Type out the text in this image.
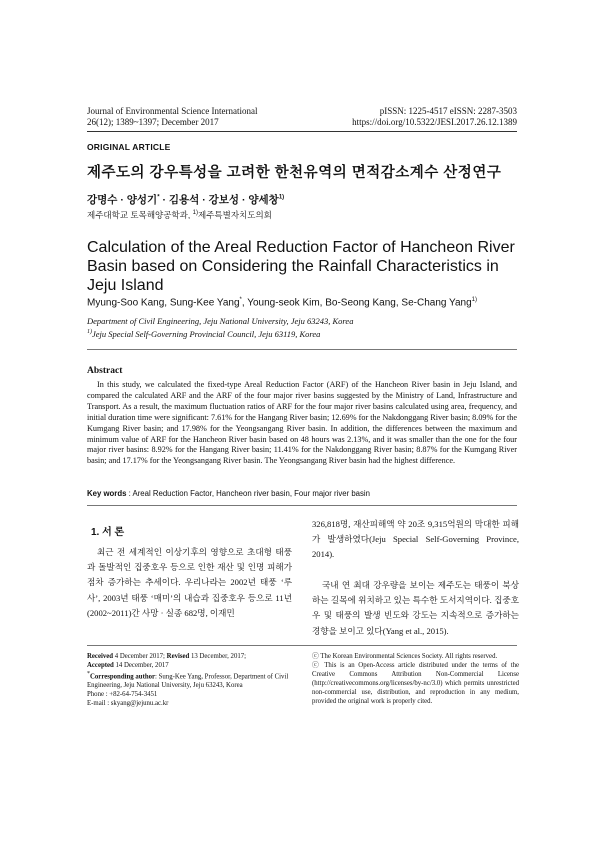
Journal of Environmental Science International
26(12); 1389~1397; December 2017
pISSN: 1225-4517 eISSN: 2287-3503
https://doi.org/10.5322/JESI.2017.26.12.1389
ORIGINAL ARTICLE
제주도의 강우특성을 고려한 한천유역의 면적감소계수 산정연구
강명수 · 양성기* · 김용석 · 강보성 · 양세창$^{1)}$
제주대학교 토목해양공학과, $^{1)}$제주특별자치도의회
Calculation of the Areal Reduction Factor of Hancheon River Basin based on Considering the Rainfall Characteristics in Jeju Island
Myung-Soo Kang, Sung-Kee Yang*, Young-seok Kim, Bo-Seong Kang, Se-Chang Yang$^{1)}$
Department of Civil Engineering, Jeju National University, Jeju 63243, Korea
$^{1)}$Jeju Special Self-Governing Provincial Council, Jeju 63119, Korea
Abstract
In this study, we calculated the fixed-type Areal Reduction Factor (ARF) of the Hancheon River basin in Jeju Island, and compared the calculated ARF and the ARF of the four major river basins suggested by the Ministry of Land, Infrastructure and Transport. As a result, the maximum fluctuation ratios of ARF for the four major river basins calculated using area, frequency, and initial duration time were significant: 7.61% for the Hangang River basin; 12.69% for the Nakdonggang River basin; 8.09% for the Kumgang River basin; and 17.98% for the Yeongsangang River basin. In addition, the differences between the maximum and minimum value of ARF for the Hancheon River basin based on 48 hours was 2.13%, and it was smaller than the one for the four major river basins: 8.92% for the Hangang River basin; 11.41% for the Nakdonggang River basin; 8.87% for the Kumgang River basin; and 17.17% for the Yeongsangang River basin. The Yeongsangang River basin had the highest difference.
Key words : Areal Reduction Factor, Hancheon river basin, Four major river basin
1. 서 론
최근 전 세계적인 이상기후의 영향으로 초대형 태풍과 돌발적인 집중호우 등으로 인한 재산 및 인명 피해가 점차 증가하는 추세이다. 우리나라는 2002년 태풍 ‘루사’, 2003년 태풍 ‘매미’의 내습과 집중호우 등으로 11년(2002~2011)간 사망 · 실종 682명, 이재민
326,818명, 재산피해액 약 20조 9,315억원의 막대한 피해가 발생하였다(Jeju Special Self-Governing Province, 2014).
국내 연 최대 강우량을 보이는 제주도는 태풍이 북상하는 길목에 위치하고 있는 특수한 도서지역이다. 집중호우 및 태풍의 발생 빈도와 강도는 지속적으로 증가하는 경향을 보이고 있다(Yang et al., 2015).
Received 4 December 2017; Revised 13 December, 2017;
Accepted 14 December, 2017
*Corresponding author: Sung-Kee Yang, Professor, Department of Civil Engineering, Jeju National University, Jeju 63243, Korea
Phone : +82-64-754-3451
E-mail : skyang@jejunu.ac.kr
ⓒ The Korean Environmental Sciences Society. All rights reserved.
ⓒ This is an Open-Access article distributed under the terms of the Creative Commons Attribution Non-Commercial License (http://creativecommons.org/licenses/by-nc/3.0) which permits unrestricted non-commercial use, distribution, and reproduction in any medium, provided the original work is properly cited.
